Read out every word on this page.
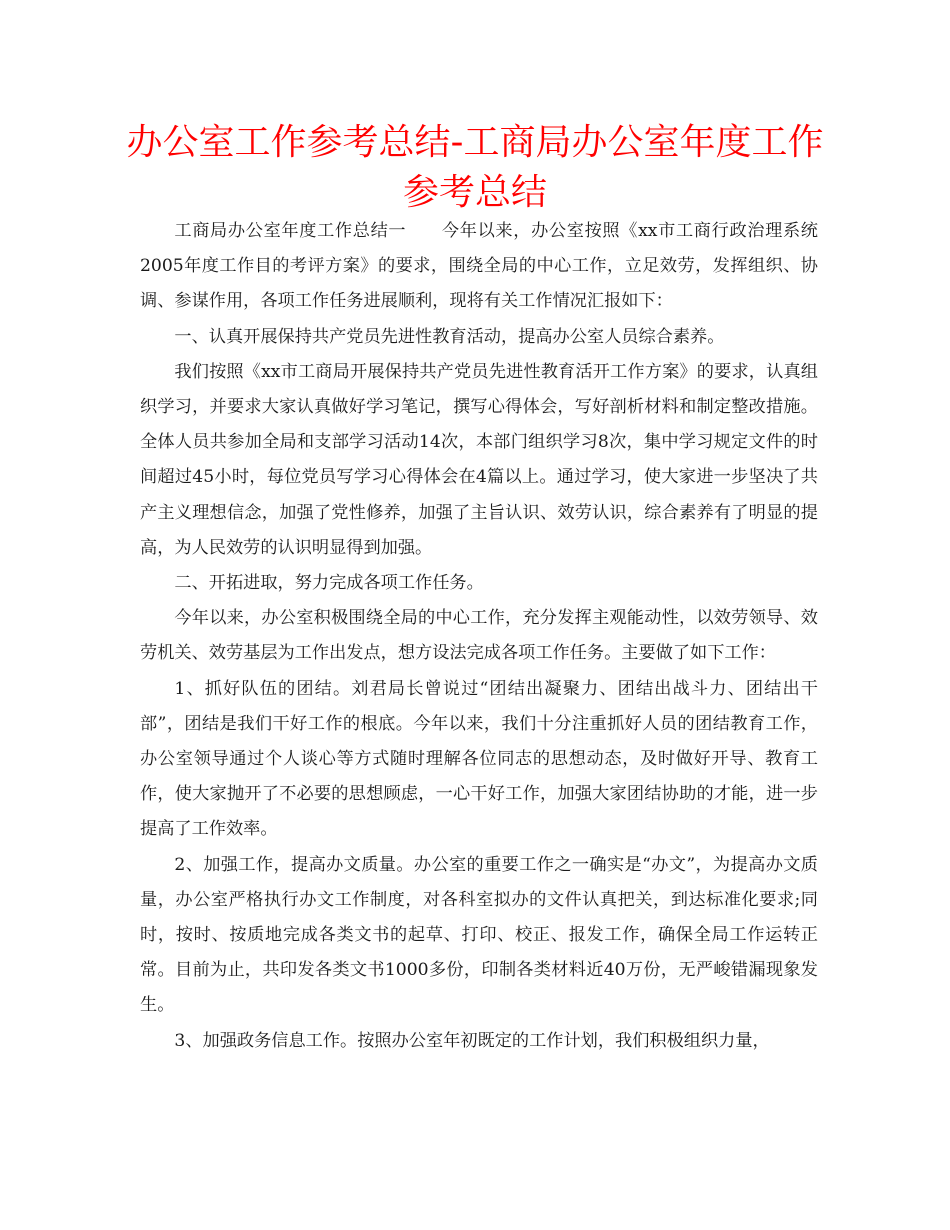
办公室工作参考总结-工商局办公室年度工作参考总结

工商局办公室年度工作总结一　　今年以来，办公室按照《xx市工商行政治理系统2005年度工作目的考评方案》的要求，围绕全局的中心工作，立足效劳，发挥组织、协调、参谋作用，各项工作任务进展顺利，现将有关工作情况汇报如下：

一、认真开展保持共产党员先进性教育活动，提高办公室人员综合素养。

我们按照《xx市工商局开展保持共产党员先进性教育活开工作方案》的要求，认真组织学习，并要求大家认真做好学习笔记，撰写心得体会，写好剖析材料和制定整改措施。全体人员共参加全局和支部学习活动14次，本部门组织学习8次，集中学习规定文件的时间超过45小时，每位党员写学习心得体会在4篇以上。通过学习，使大家进一步坚决了共产主义理想信念，加强了党性修养，加强了主旨认识、效劳认识，综合素养有了明显的提高，为人民效劳的认识明显得到加强。

二、开拓进取，努力完成各项工作任务。

今年以来，办公室积极围绕全局的中心工作，充分发挥主观能动性，以效劳领导、效劳机关、效劳基层为工作出发点，想方设法完成各项工作任务。主要做了如下工作：

1、抓好队伍的团结。刘君局长曾说过“团结出凝聚力、团结出战斗力、团结出干部”，团结是我们干好工作的根底。今年以来，我们十分注重抓好人员的团结教育工作，办公室领导通过个人谈心等方式随时理解各位同志的思想动态，及时做好开导、教育工作，使大家抛开了不必要的思想顾虑，一心干好工作，加强大家团结协助的才能，进一步提高了工作效率。

2、加强工作，提高办文质量。办公室的重要工作之一确实是“办文”，为提高办文质量，办公室严格执行办文工作制度，对各科室拟办的文件认真把关，到达标准化要求;同时，按时、按质地完成各类文书的起草、打印、校正、报发工作，确保全局工作运转正常。目前为止，共印发各类文书1000多份，印制各类材料近40万份，无严峻错漏现象发生。

3、加强政务信息工作。按照办公室年初既定的工作计划，我们积极组织力量，
